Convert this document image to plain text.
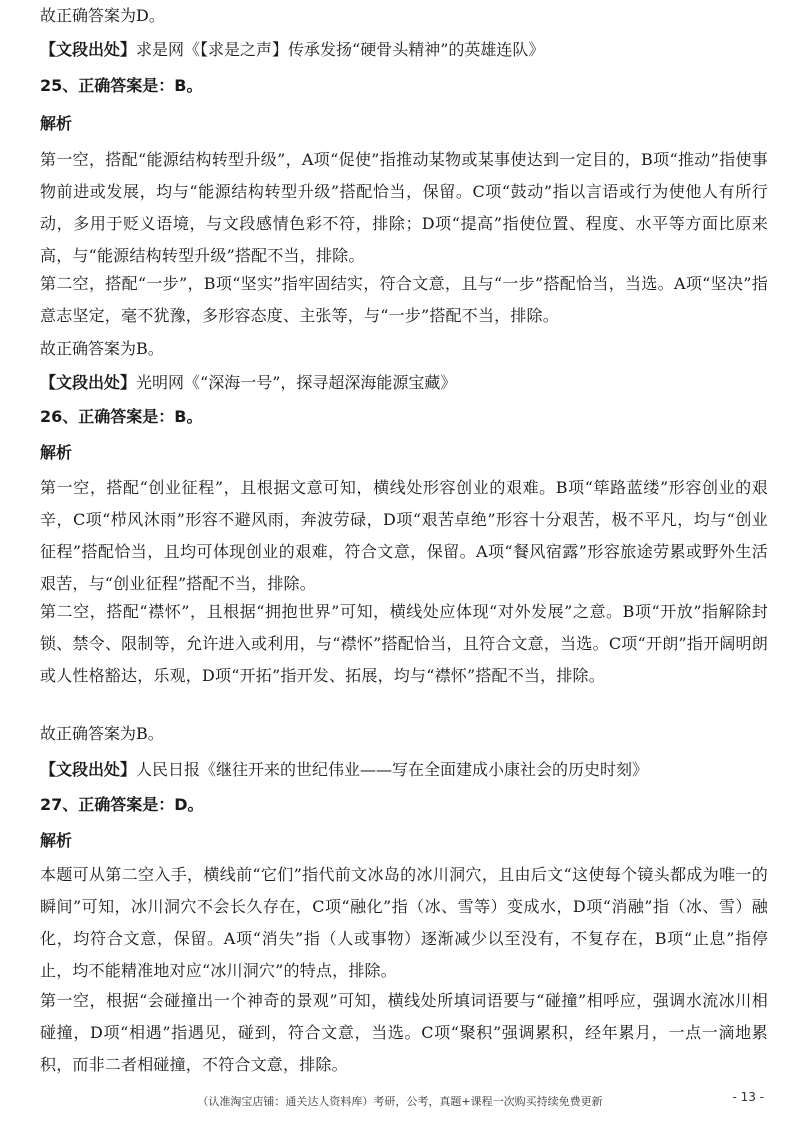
故正确答案为D。

【文段出处】求是网《【求是之声】传承发扬“硬骨头精神”的英雄连队》

25、正确答案是：B。

解析

第一空，搭配“能源结构转型升级”，A项“促使”指推动某物或某事使达到一定目的，B项“推动”指使事物前进或发展，均与“能源结构转型升级”搭配恰当，保留。C项“鼓动”指以言语或行为使他人有所行动，多用于贬义语境，与文段感情色彩不符，排除；D项“提高”指使位置、程度、水平等方面比原来高，与“能源结构转型升级”搭配不当，排除。

第二空，搭配“一步”，B项“坚实”指牢固结实，符合文意，且与“一步”搭配恰当，当选。A项“坚决”指意志坚定，毫不犹豫，多形容态度、主张等，与“一步”搭配不当，排除。

故正确答案为B。

【文段出处】光明网《“深海一号”，探寻超深海能源宝藏》

26、正确答案是：B。

解析

第一空，搭配“创业征程”，且根据文意可知，横线处形容创业的艰难。B项“筚路蓝缕”形容创业的艰辛，C项“栉风沐雨”形容不避风雨，奔波劳碌，D项“艰苦卓绝”形容十分艰苦，极不平凡，均与“创业征程”搭配恰当，且均可体现创业的艰难，符合文意，保留。A项“餐风宿露”形容旅途劳累或野外生活艰苦，与“创业征程”搭配不当，排除。

第二空，搭配“襟怀”，且根据“拥抱世界”可知，横线处应体现“对外发展”之意。B项“开放”指解除封锁、禁令、限制等，允许进入或利用，与“襟怀”搭配恰当，且符合文意，当选。C项“开朗”指开阔明朗或人性格豁达，乐观，D项“开拓”指开发、拓展，均与“襟怀”搭配不当，排除。

故正确答案为B。

【文段出处】人民日报《继往开来的世纪伟业——写在全面建成小康社会的历史时刻》

27、正确答案是：D。

解析

本题可从第二空入手，横线前“它们”指代前文冰岛的冰川洞穴，且由后文“这使每个镜头都成为唯一的瞬间”可知，冰川洞穴不会长久存在，C项“融化”指（冰、雪等）变成水，D项“消融”指（冰、雪）融化，均符合文意，保留。A项“消失”指（人或事物）逐渐减少以至没有，不复存在，B项“止息”指停止，均不能精准地对应“冰川洞穴”的特点，排除。

第一空，根据“会碰撞出一个神奇的景观”可知，横线处所填词语要与“碰撞”相呼应，强调水流冰川相碰撞，D项“相遇”指遇见，碰到，符合文意，当选。C项“聚积”强调累积，经年累月，一点一滴地累积，而非二者相碰撞，不符合文意，排除。

（认准淘宝店铺：通关达人资料库）考研，公考，真题+课程一次购买持续免费更新	- 13 -
